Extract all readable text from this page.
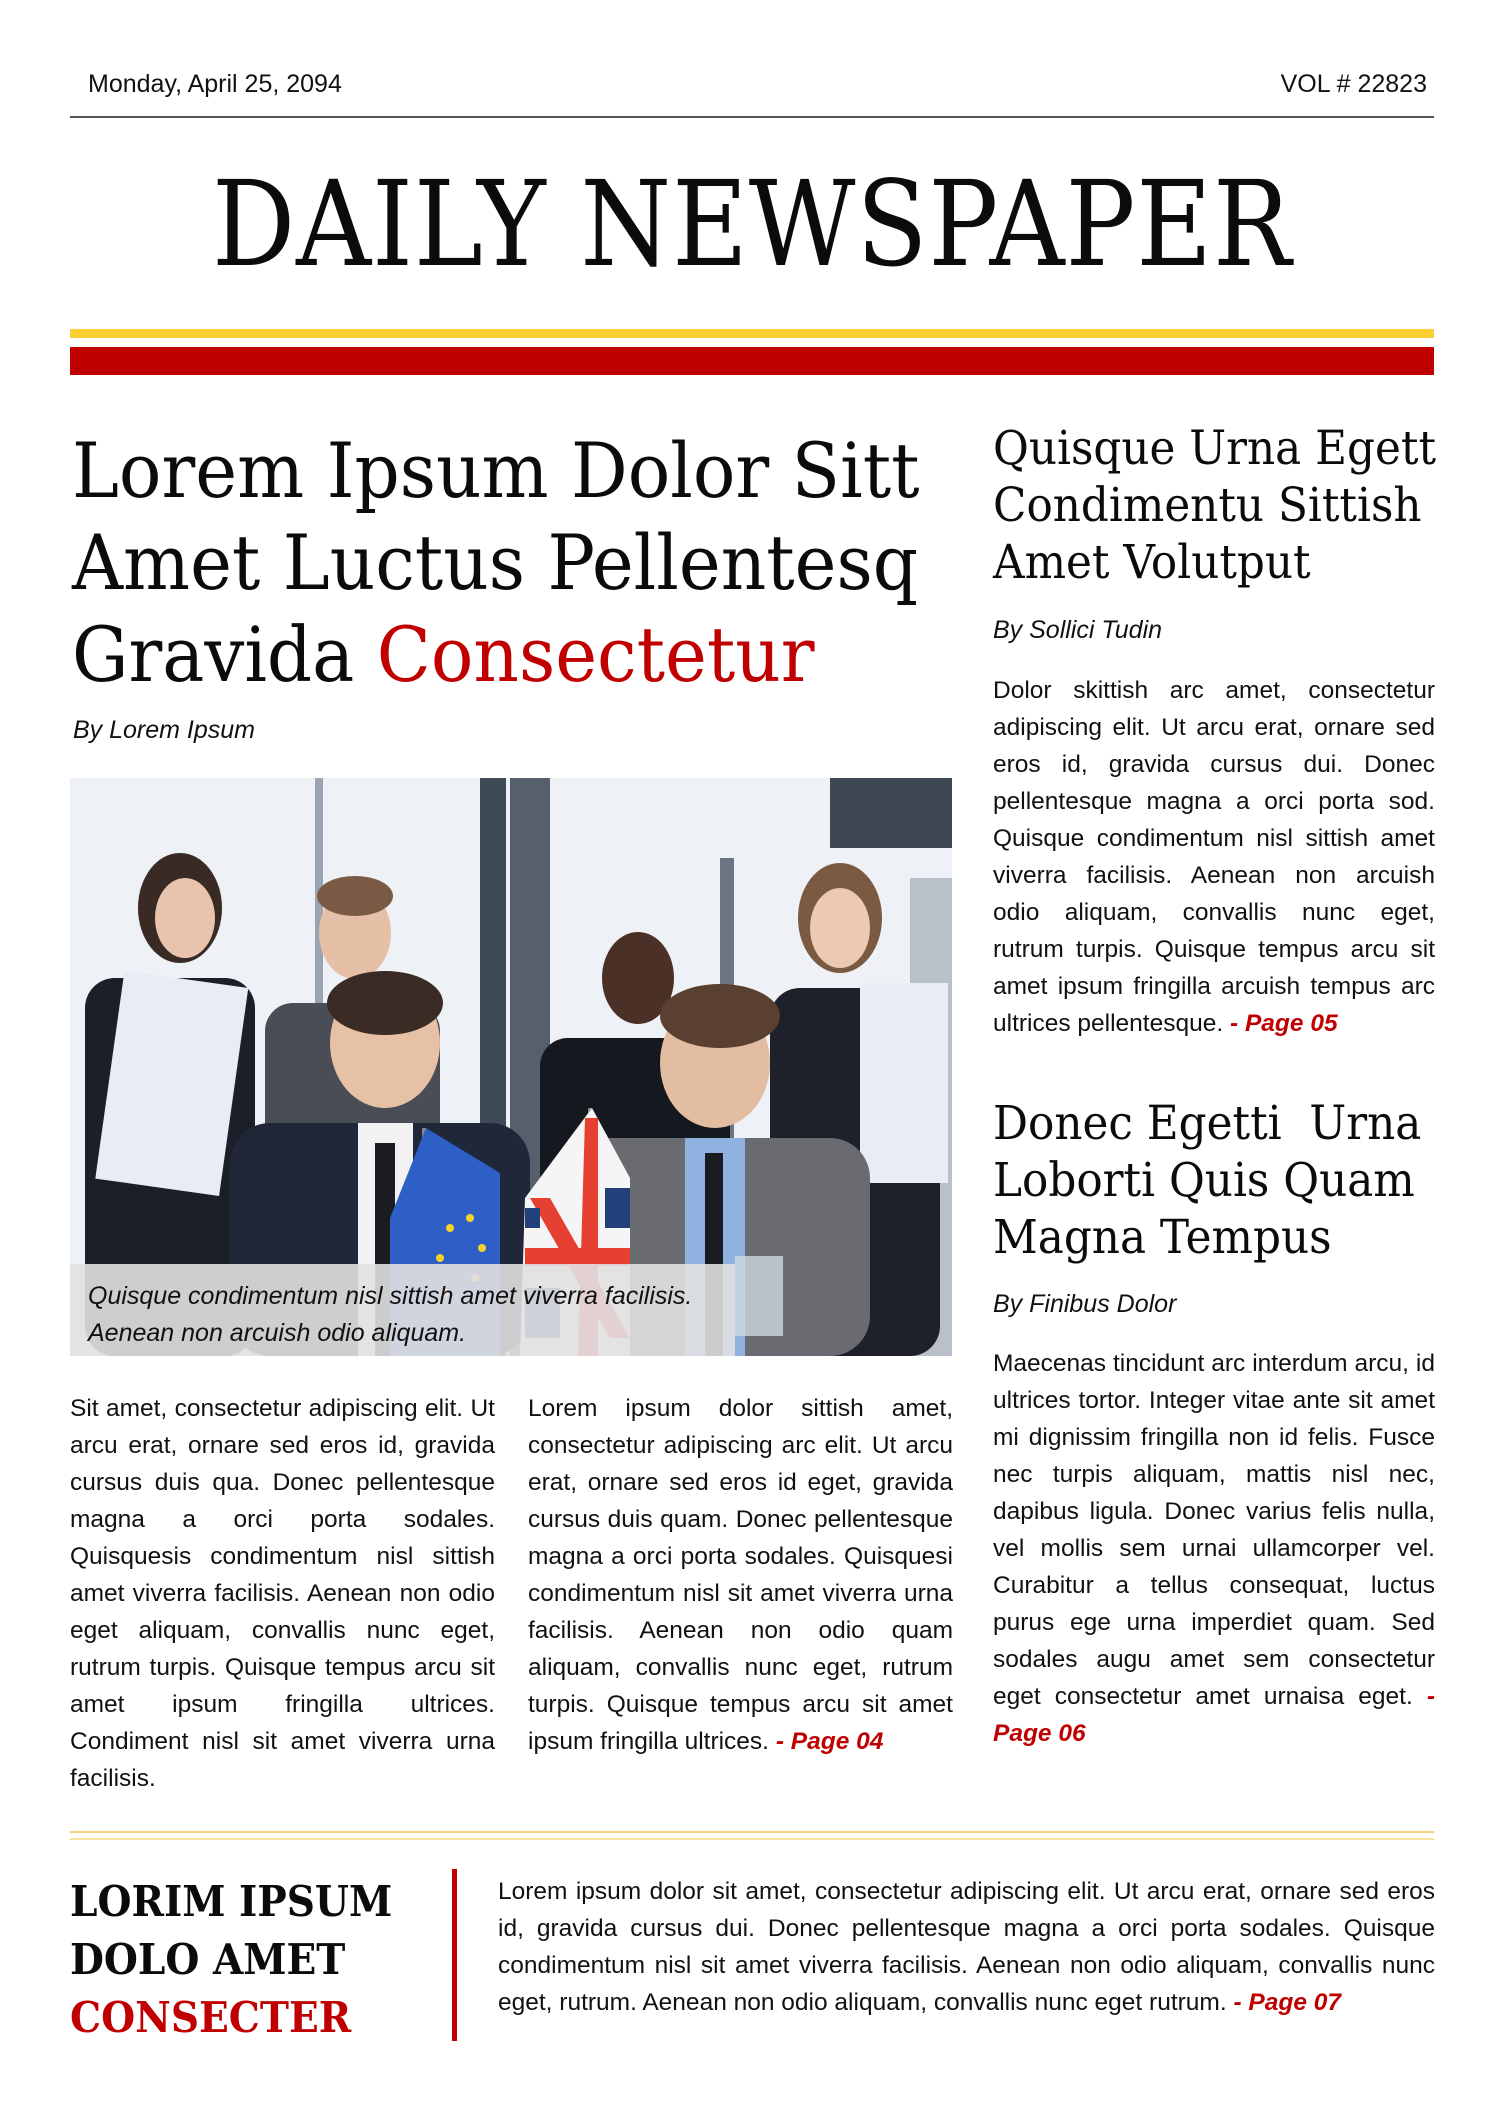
Monday, April 25, 2094	VOL # 22823
DAILY NEWSPAPER
Lorem Ipsum Dolor Sitt
Amet Luctus Pellentesq
Gravida Consectetur
By Lorem Ipsum
Quisque condimentum nisl sittish amet viverra facilisis. Aenean non arcuish odio aliquam.
Sit amet, consectetur adipiscing elit. Ut arcu erat, ornare sed eros id, gravida cursus duis qua. Donec pellentesque magna a orci porta sodales. Quisquesis condimentum nisl sittish amet viverra facilisis. Aenean non odio eget aliquam, convallis nunc eget, rutrum turpis. Quisque tempus arcu sit amet ipsum fringilla ultrices. Condiment nisl sit amet viverra urna facilisis.
Lorem ipsum dolor sittish amet, consectetur adipiscing arc elit. Ut arcu erat, ornare sed eros id eget, gravida cursus duis quam. Donec pellentesque magna a orci porta sodales. Quisquesi condimentum nisl sit amet viverra urna facilisis. Aenean non odio quam aliquam, convallis nunc eget, rutrum turpis. Quisque tempus arcu sit amet ipsum fringilla ultrices. - Page 04
Quisque Urna Egett
Condimentu Sittish
Amet Volutput
By Sollici Tudin
Dolor skittish arc amet, consectetur adipiscing elit. Ut arcu erat, ornare sed eros id, gravida cursus dui. Donec pellentesque magna a orci porta sod. Quisque condimentum nisl sittish amet viverra facilisis. Aenean non arcuish odio aliquam, convallis nunc eget, rutrum turpis. Quisque tempus arcu sit amet ipsum fringilla arcuish tempus arc ultrices pellentesque. - Page 05
Donec Egetti  Urna
Loborti Quis Quam
Magna Tempus
By Finibus Dolor
Maecenas tincidunt arc interdum arcu, id ultrices tortor. Integer vitae ante sit amet mi dignissim fringilla non id felis. Fusce nec turpis aliquam, mattis nisl nec, dapibus ligula. Donec varius felis nulla, vel mollis sem urnai ullamcorper vel. Curabitur a tellus consequat, luctus purus ege urna imperdiet quam. Sed sodales augu amet sem consectetur eget consectetur amet urnaisa eget. - Page 06
LORIM IPSUM
DOLO AMET
CONSECTER
Lorem ipsum dolor sit amet, consectetur adipiscing elit. Ut arcu erat, ornare sed eros id, gravida cursus dui. Donec pellentesque magna a orci porta sodales. Quisque condimentum nisl sit amet viverra facilisis. Aenean non odio aliquam, convallis nunc eget, rutrum. Aenean non odio aliquam, convallis nunc eget rutrum. - Page 07
